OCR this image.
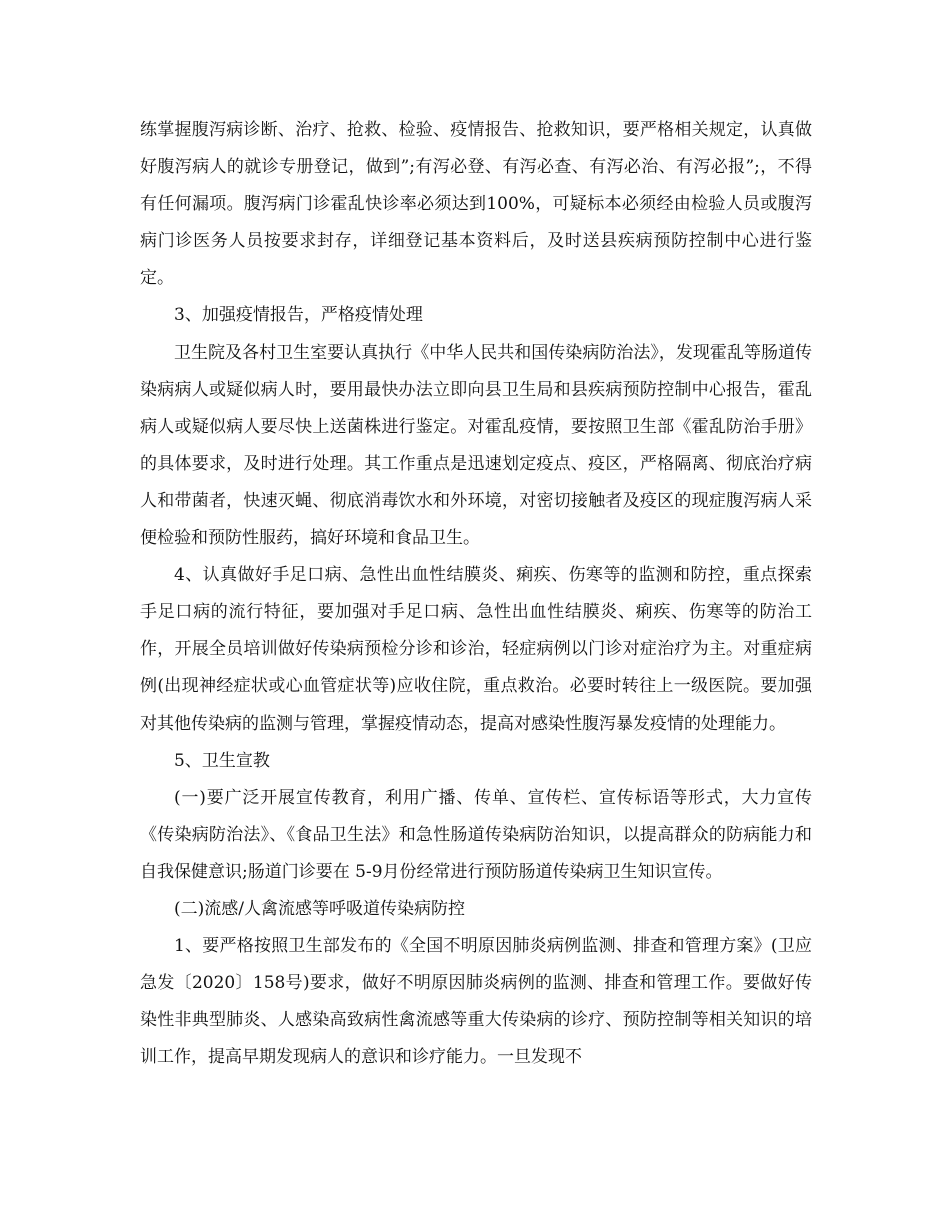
练掌握腹泻病诊断、治疗、抢救、检验、疫情报告、抢救知识，要严格相关规定，认真做好腹泻病人的就诊专册登记，做到”;有泻必登、有泻必查、有泻必治、有泻必报”;，不得有任何漏项。腹泻病门诊霍乱快诊率必须达到100%，可疑标本必须经由检验人员或腹泻病门诊医务人员按要求封存，详细登记基本资料后，及时送县疾病预防控制中心进行鉴定。

3、加强疫情报告，严格疫情处理

卫生院及各村卫生室要认真执行《中华人民共和国传染病防治法》，发现霍乱等肠道传染病病人或疑似病人时，要用最快办法立即向县卫生局和县疾病预防控制中心报告，霍乱病人或疑似病人要尽快上送菌株进行鉴定。对霍乱疫情，要按照卫生部《霍乱防治手册》的具体要求，及时进行处理。其工作重点是迅速划定疫点、疫区，严格隔离、彻底治疗病人和带菌者，快速灭蝇、彻底消毒饮水和外环境，对密切接触者及疫区的现症腹泻病人采便检验和预防性服药，搞好环境和食品卫生。

4、认真做好手足口病、急性出血性结膜炎、痢疾、伤寒等的监测和防控，重点探索手足口病的流行特征，要加强对手足口病、急性出血性结膜炎、痢疾、伤寒等的防治工作，开展全员培训做好传染病预检分诊和诊治，轻症病例以门诊对症治疗为主。对重症病例(出现神经症状或心血管症状等)应收住院，重点救治。必要时转往上一级医院。要加强对其他传染病的监测与管理，掌握疫情动态，提高对感染性腹泻暴发疫情的处理能力。

5、卫生宣教

(一)要广泛开展宣传教育，利用广播、传单、宣传栏、宣传标语等形式，大力宣传《传染病防治法》、《食品卫生法》和急性肠道传染病防治知识，以提高群众的防病能力和自我保健意识;肠道门诊要在 5-9月份经常进行预防肠道传染病卫生知识宣传。

(二)流感/人禽流感等呼吸道传染病防控

1、要严格按照卫生部发布的《全国不明原因肺炎病例监测、排查和管理方案》(卫应急发〔2020〕158号)要求，做好不明原因肺炎病例的监测、排查和管理工作。要做好传染性非典型肺炎、人感染高致病性禽流感等重大传染病的诊疗、预防控制等相关知识的培训工作，提高早期发现病人的意识和诊疗能力。一旦发现不
